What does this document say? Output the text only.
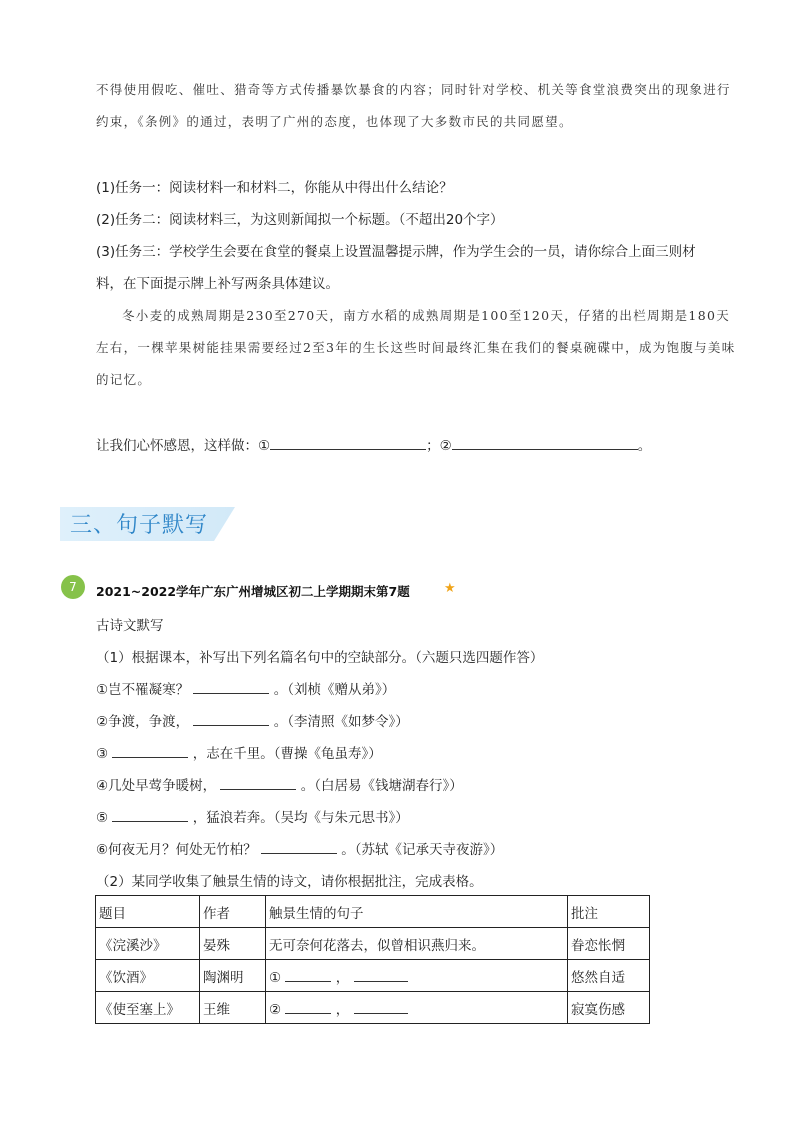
不得使用假吃、催吐、猎奇等方式传播暴饮暴食的内容；同时针对学校、机关等食堂浪费突出的现象进行约束，《条例》的通过，表明了广州的态度，也体现了大多数市民的共同愿望。
(1)任务一：阅读材料一和材料二，你能从中得出什么结论？
(2)任务二：阅读材料三，为这则新闻拟一个标题。（不超出20个字）
(3)任务三：学校学生会要在食堂的餐桌上设置温馨提示牌，作为学生会的一员，请你综合上面三则材
料，在下面提示牌上补写两条具体建议。
冬小麦的成熟周期是230至270天，南方水稻的成熟周期是100至120天，仔猪的出栏周期是180天左右，一棵苹果树能挂果需要经过2至3年的生长这些时间最终汇集在我们的餐桌碗碟中，成为饱腹与美味的记忆。
让我们心怀感恩，这样做：①	；②	。
三、句子默写
7	2021~2022学年广东广州增城区初二上学期期末第7题	★
古诗文默写
（1）根据课本，补写出下列名篇名句中的空缺部分。（六题只选四题作答）
①岂不罹凝寒？	。（刘桢《赠从弟》）
②争渡，争渡，	。（李清照《如梦令》）
③	，志在千里。（曹操《龟虽寿》）
④几处早莺争暖树，	。（白居易《钱塘湖春行》）
⑤	，猛浪若奔。（吴均《与朱元思书》）
⑥何夜无月？何处无竹柏？	。（苏轼《记承天寺夜游》）
（2）某同学收集了触景生情的诗文，请你根据批注，完成表格。
题目	作者	触景生情的句子	批注
《浣溪沙》	晏殊	无可奈何花落去，似曾相识燕归来。	眷恋怅惘
《饮酒》	陶渊明	① ，	悠然自适
《使至塞上》	王维	② ，	寂寞伤感
